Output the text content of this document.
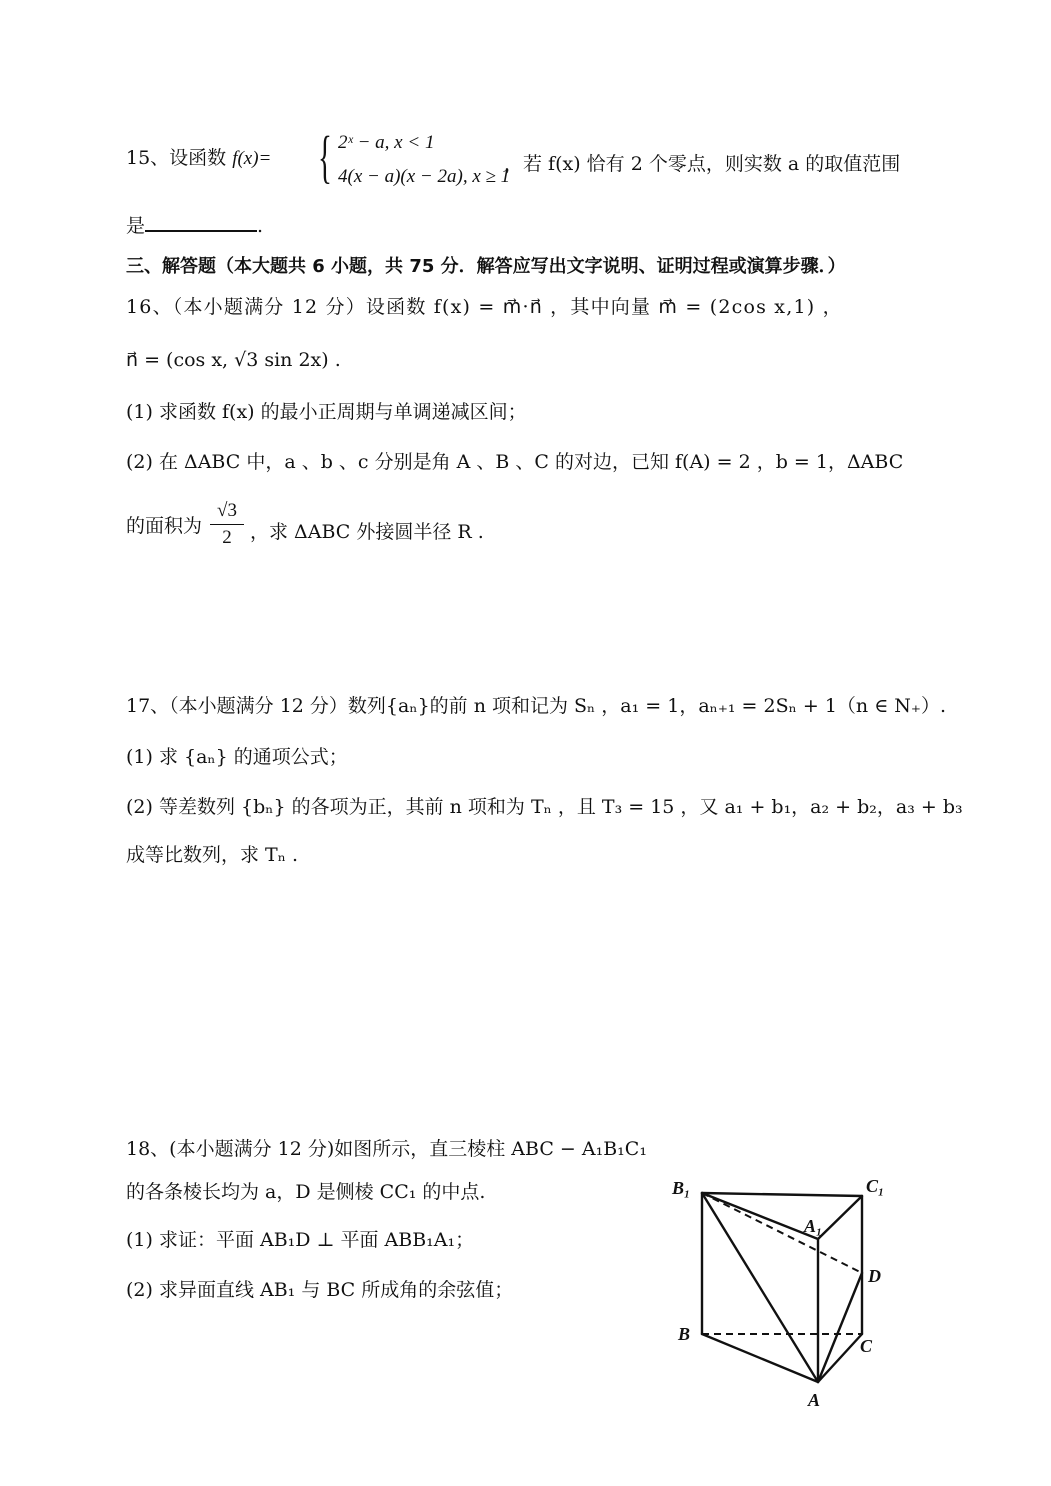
15、设函数 f(x)= { 2ˣ − a, x < 1
4(x − a)(x − 2a), x ≥ 1
，若 f(x) 恰有 2 个零点，则实数 a 的取值范围
是	.
三、解答题（本大题共 6 小题，共 75 分．解答应写出文字说明、证明过程或演算步骤．）
16、（本小题满分 12 分）设函数 f(x) = m⃗·n⃗ ，其中向量 m⃗ = (2cos x,1) ，
n⃗ = (cos x, √3 sin 2x) .
(1) 求函数 f(x) 的最小正周期与单调递减区间；
(2) 在 ΔABC 中，a 、b 、c 分别是角 A 、B 、C 的对边，已知 f(A) = 2 ，b = 1，ΔABC
的面积为
√3
2 ，求 ΔABC 外接圆半径 R .
17、（本小题满分 12 分）数列{aₙ}的前 n 项和记为 Sₙ ，a₁ = 1，aₙ₊₁ = 2Sₙ + 1（n ∈ N₊）.
(1) 求 {aₙ} 的通项公式；
(2) 等差数列 {bₙ} 的各项为正，其前 n 项和为 Tₙ ，且 T₃ = 15 ，又 a₁ + b₁，a₂ + b₂，a₃ + b₃
成等比数列，求 Tₙ .
18、(本小题满分 12 分)如图所示，直三棱柱 ABC − A₁B₁C₁
的各条棱长均为 a，D 是侧棱 CC₁ 的中点.
(1) 求证：平面 AB₁D ⊥ 平面 ABB₁A₁；
(2) 求异面直线 AB₁ 与 BC 所成角的余弦值；
B₁	C₁
A₁
D
B
C
A
